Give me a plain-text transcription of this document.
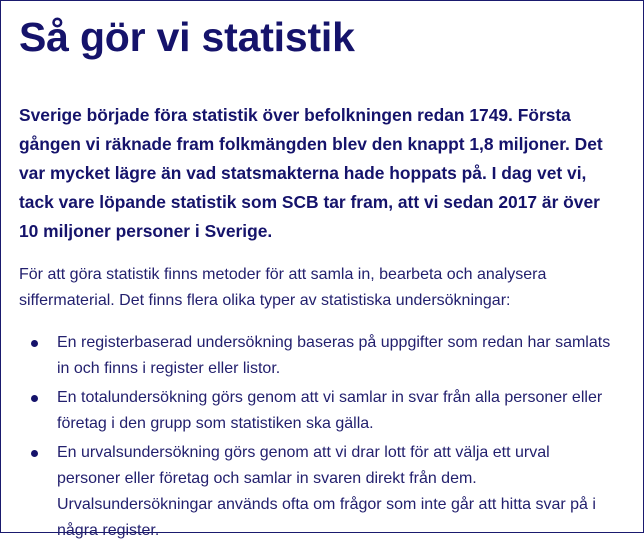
Så gör vi statistik

Sverige började föra statistik över befolkningen redan 1749. Första gången vi räknade fram folkmängden blev den knappt 1,8 miljoner. Det var mycket lägre än vad statsmakterna hade hoppats på. I dag vet vi, tack vare löpande statistik som SCB tar fram, att vi sedan 2017 är över 10 miljoner personer i Sverige.

För att göra statistik finns metoder för att samla in, bearbeta och analysera siffermaterial. Det finns flera olika typer av statistiska undersökningar:

En registerbaserad undersökning baseras på uppgifter som redan har samlats in och finns i register eller listor.
En totalundersökning görs genom att vi samlar in svar från alla personer eller företag i den grupp som statistiken ska gälla.
En urvalsundersökning görs genom att vi drar lott för att välja ett urval personer eller företag och samlar in svaren direkt från dem. Urvalsundersökningar används ofta om frågor som inte går att hitta svar på i några register.
